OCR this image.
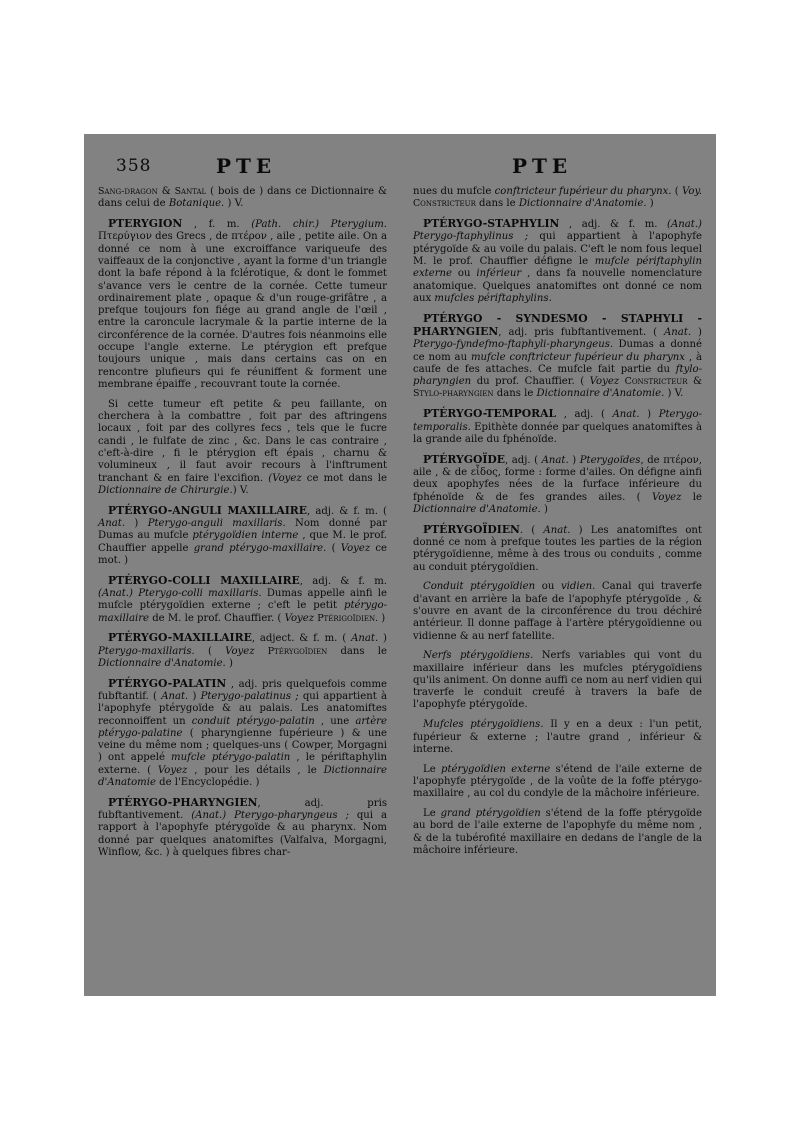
358	PTE	PTE

Sang-dragon & Santal ( bois de ) dans ce Dictionnaire & dans celui de Botanique. ) V.

PTERYGION , f. m. (Path. chir.) Pterygium. Πτερύγιον des Grecs , de πτέρον , aile , petite aile. On a donné ce nom à une excroiffance variqueufe des vaiffeaux de la conjonctive , ayant la forme d'un triangle dont la bafe répond à la fclérotique, & dont le fommet s'avance vers le centre de la cornée. Cette tumeur ordinairement plate , opaque & d'un rouge-grifâtre , a prefque toujours fon fiége au grand angle de l'œil , entre la caroncule lacrymale & la partie interne de la circonférence de la cornée. D'autres fois néanmoins elle occupe l'angle externe. Le ptérygion eft prefque toujours unique , mais dans certains cas on en rencontre plufieurs qui fe réuniffent & forment une membrane épaiffe , recouvrant toute la cornée.

Si cette tumeur eft petite & peu faillante, on cherchera à la combattre , foit par des aftringens locaux , foit par des collyres fecs , tels que le fucre candi , le fulfate de zinc , &c. Dans le cas contraire , c'eft-à-dire , fi le ptérygion eft épais , charnu & volumineux , il faut avoir recours à l'inftrument tranchant & en faire l'excifion. (Voyez ce mot dans le Dictionnaire de Chirurgie.) V.

PTÉRYGO-ANGULI MAXILLAIRE, adj. & f. m. ( Anat. ) Pterygo-anguli maxillaris. Nom donné par Dumas au mufcle ptérygoïdien interne , que M. le prof. Chauffier appelle grand ptérygo-maxillaire. ( Voyez ce mot. )

PTÉRYGO-COLLI MAXILLAIRE, adj. & f. m. (Anat.) Pterygo-colli maxillaris. Dumas appelle ainfi le mufcle ptérygoïdien externe ; c'eft le petit ptérygo-maxillaire de M. le prof. Chauffier. ( Voyez Ptérigoïdien. )

PTÉRYGO-MAXILLAIRE, adject. & f. m. ( Anat. ) Pterygo-maxillaris. ( Voyez Ptérygoïdien dans le Dictionnaire d'Anatomie. )

PTÉRYGO-PALATIN , adj. pris quelquefois comme fubftantif. ( Anat. ) Pterygo-palatinus ; qui appartient à l'apophyfe ptérygoïde & au palais. Les anatomiftes reconnoiffent un conduit ptérygo-palatin , une artère ptérygo-palatine ( pharyngienne fupérieure ) & une veine du même nom ; quelques-uns ( Cowper, Morgagni ) ont appelé mufcle ptérygo-palatin , le périftaphylin externe. ( Voyez , pour les détails , le Dictionnaire d'Anatomie de l'Encyclopédie. )

PTÉRYGO-PHARYNGIEN, adj. pris fubftantivement. (Anat.) Pterygo-pharyngeus ; qui a rapport à l'apophyfe ptérygoïde & au pharynx. Nom donné par quelques anatomiftes (Valfalva, Morgagni, Winflow, &c. ) à quelques fibres char-

nues du mufcle conftricteur fupérieur du pharynx. ( Voy. Constricteur dans le Dictionnaire d'Anatomie. )

PTÉRYGO-STAPHYLIN , adj. & f. m. (Anat.) Pterygo-ftaphylinus ; qui appartient à l'apophyfe ptérygoïde & au voile du palais. C'eft le nom fous lequel M. le prof. Chauffier défigne le mufcle périftaphylin externe ou inférieur , dans fa nouvelle nomenclature anatomique. Quelques anatomiftes ont donné ce nom aux mufcles périftaphylins.

PTÉRYGO - SYNDESMO - STAPHYLI - PHARYNGIEN, adj. pris fubftantivement. ( Anat. ) Pterygo-fyndefmo-ftaphyli-pharyngeus. Dumas a donné ce nom au mufcle conftricteur fupérieur du pharynx , à caufe de fes attaches. Ce mufcle fait partie du ftylo-pharyngien du prof. Chauffier. ( Voyez Constricteur & Stylo-pharyngien dans le Dictionnaire d'Anatomie. ) V.

PTÉRYGO-TEMPORAL , adj. ( Anat. ) Pterygo-temporalis. Epithète donnée par quelques anatomiftes à la grande aile du fphénoïde.

PTÉRYGOÏDE, adj. ( Anat. ) Pterygoïdes, de πτέρον, aile , & de εἶδος, forme : forme d'ailes. On défigne ainfi deux apophyfes nées de la furface inférieure du fphénoïde & de fes grandes ailes. ( Voyez le Dictionnaire d'Anatomie. )

PTÉRYGOÏDIEN. ( Anat. ) Les anatomiftes ont donné ce nom à prefque toutes les parties de la région ptérygoïdienne, même à des trous ou conduits , comme au conduit ptérygoïdien.

Conduit ptérygoïdien ou vidien. Canal qui traverfe d'avant en arrière la bafe de l'apophyfe ptérygoïde , & s'ouvre en avant de la circonférence du trou déchiré antérieur. Il donne paffage à l'artère ptérygoïdienne ou vidienne & au nerf fatellite.

Nerfs ptérygoïdiens. Nerfs variables qui vont du maxillaire inférieur dans les mufcles ptérygoïdiens qu'ils animent. On donne auffi ce nom au nerf vidien qui traverfe le conduit creufé à travers la bafe de l'apophyfe ptérygoïde.

Mufcles ptérygoïdiens. Il y en a deux : l'un petit, fupérieur & externe ; l'autre grand , inférieur & interne.

Le ptérygoïdien externe s'étend de l'aile externe de l'apophyfe ptérygoïde , de la voûte de la foffe ptérygo-maxillaire , au col du condyle de la mâchoire inférieure.

Le grand ptérygoïdien s'étend de la foffe ptérygoïde au bord de l'aile externe de l'apophyfe du même nom , & de la tubérofité maxillaire en dedans de l'angle de la mâchoire inférieure.
